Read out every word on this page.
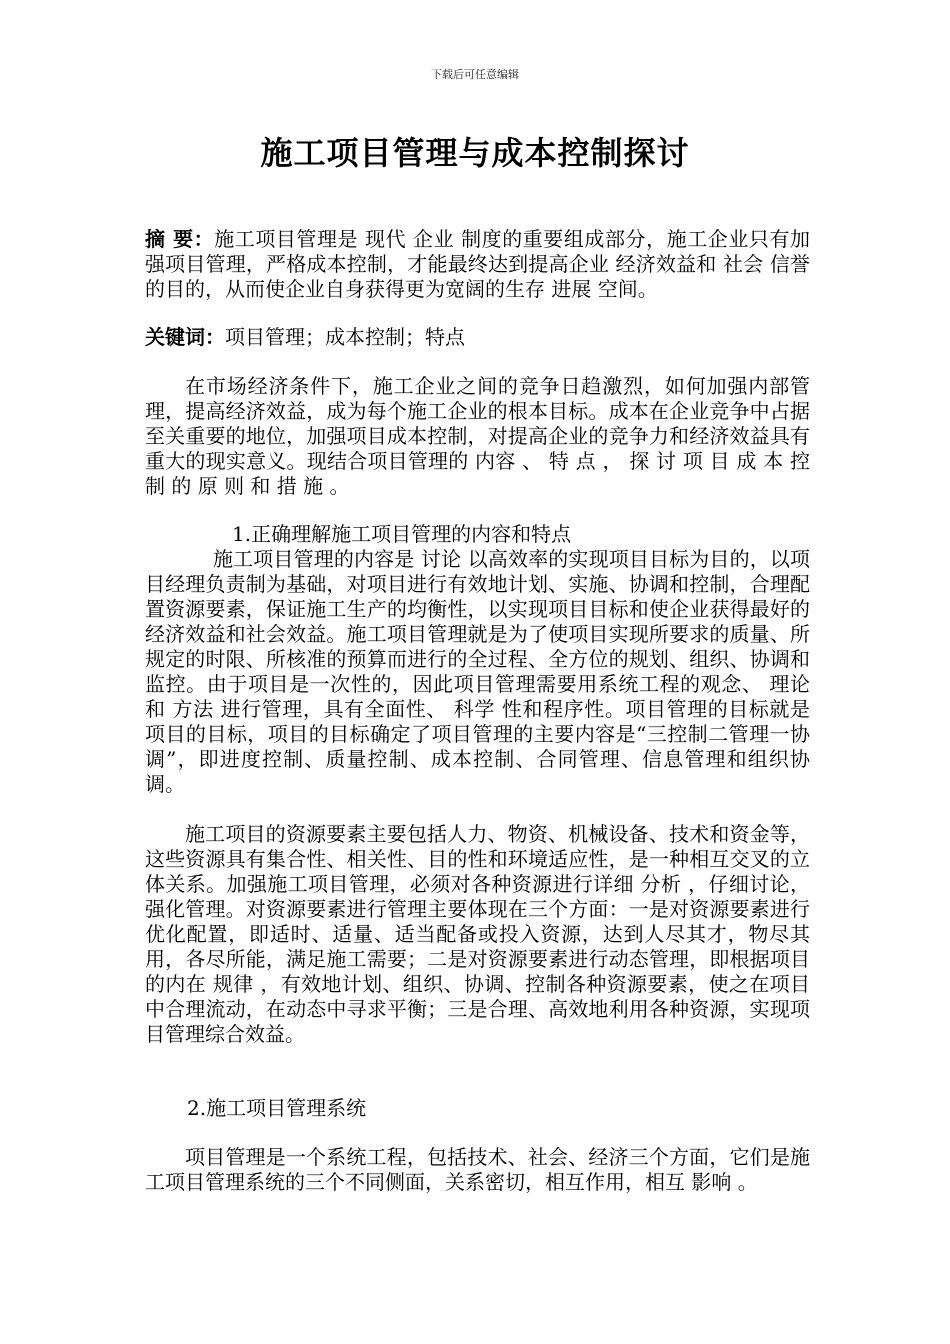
下载后可任意编辑
施工项目管理与成本控制探讨
摘 要：施工项目管理是 现代 企业 制度的重要组成部分，施工企业只有加强项目管理，严格成本控制，才能最终达到提高企业 经济效益和 社会 信誉的目的，从而使企业自身获得更为宽阔的生存 进展 空间。
关键词：项目管理；成本控制；特点
在市场经济条件下，施工企业之间的竞争日趋激烈，如何加强内部管理，提高经济效益，成为每个施工企业的根本目标。成本在企业竞争中占据至关重要的地位，加强项目成本控制，对提高企业的竞争力和经济效益具有重大的现实意义。现结合项目管理的 内容 、 特 点 ， 探 讨 项 目 成 本 控 制 的 原 则 和 措 施 。
1.正确理解施工项目管理的内容和特点
施工项目管理的内容是 讨论 以高效率的实现项目目标为目的，以项目经理负责制为基础，对项目进行有效地计划、实施、协调和控制，合理配置资源要素，保证施工生产的均衡性，以实现项目目标和使企业获得最好的经济效益和社会效益。施工项目管理就是为了使项目实现所要求的质量、所规定的时限、所核准的预算而进行的全过程、全方位的规划、组织、协调和监控。由于项目是一次性的，因此项目管理需要用系统工程的观念、 理论 和 方法 进行管理，具有全面性、 科学 性和程序性。项目管理的目标就是项目的目标，项目的目标确定了项目管理的主要内容是“三控制二管理一协调”，即进度控制、质量控制、成本控制、合同管理、信息管理和组织协调。
施工项目的资源要素主要包括人力、物资、机械设备、技术和资金等，这些资源具有集合性、相关性、目的性和环境适应性，是一种相互交叉的立体关系。加强施工项目管理，必须对各种资源进行详细 分析 ，仔细讨论，强化管理。对资源要素进行管理主要体现在三个方面：一是对资源要素进行优化配置，即适时、适量、适当配备或投入资源，达到人尽其才，物尽其用，各尽所能，满足施工需要；二是对资源要素进行动态管理，即根据项目的内在 规律 ，有效地计划、组织、协调、控制各种资源要素，使之在项目中合理流动，在动态中寻求平衡；三是合理、高效地利用各种资源，实现项目管理综合效益。
2.施工项目管理系统
项目管理是一个系统工程，包括技术、社会、经济三个方面，它们是施工项目管理系统的三个不同侧面，关系密切，相互作用，相互 影响 。
